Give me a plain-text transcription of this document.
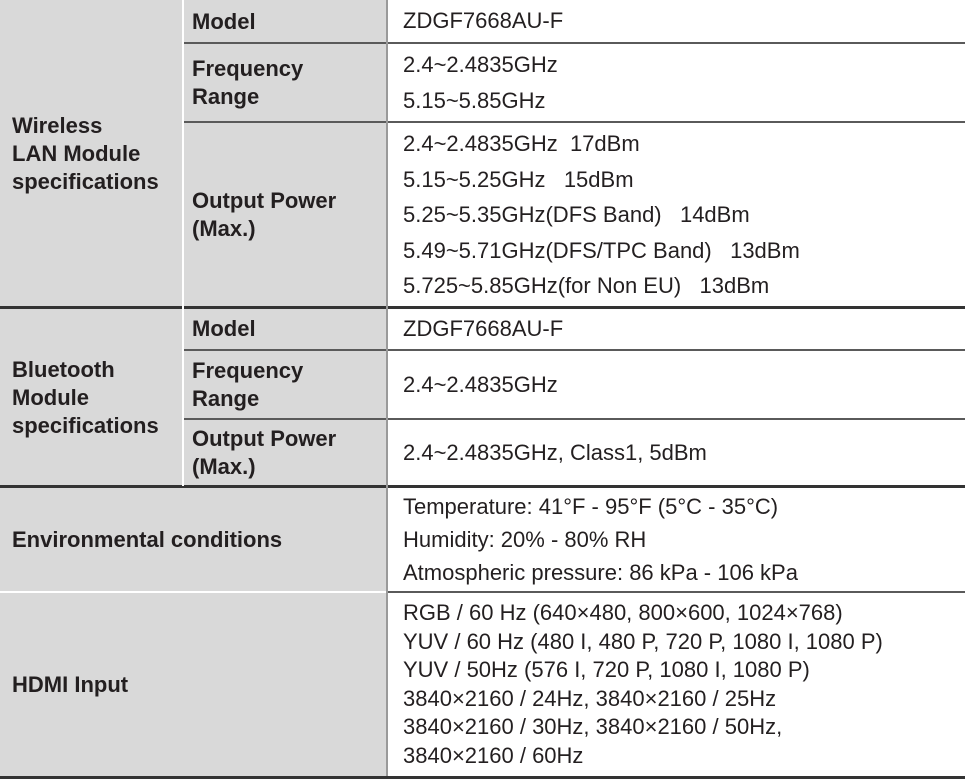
Wireless
LAN Module
specifications
Model	ZDGF7668AU-F
Frequency
Range
2.4~2.4835GHz
5.15~5.85GHz
Output Power
(Max.)
2.4~2.4835GHz  17dBm
5.15~5.25GHz   15dBm
5.25~5.35GHz(DFS Band)   14dBm
5.49~5.71GHz(DFS/TPC Band)   13dBm
5.725~5.85GHz(for Non EU)   13dBm
Bluetooth
Module
specifications
Model	ZDGF7668AU-F
Frequency
Range
2.4~2.4835GHz
Output Power
(Max.)
2.4~2.4835GHz, Class1, 5dBm
Environmental conditions
Temperature: 41°F - 95°F (5°C - 35°C)
Humidity: 20% - 80% RH
Atmospheric pressure: 86 kPa - 106 kPa
HDMI Input
RGB / 60 Hz (640×480, 800×600, 1024×768)
YUV / 60 Hz (480 I, 480 P, 720 P, 1080 I, 1080 P)
YUV / 50Hz (576 I, 720 P, 1080 I, 1080 P)
3840×2160 / 24Hz, 3840×2160 / 25Hz
3840×2160 / 30Hz, 3840×2160 / 50Hz,
3840×2160 / 60Hz
